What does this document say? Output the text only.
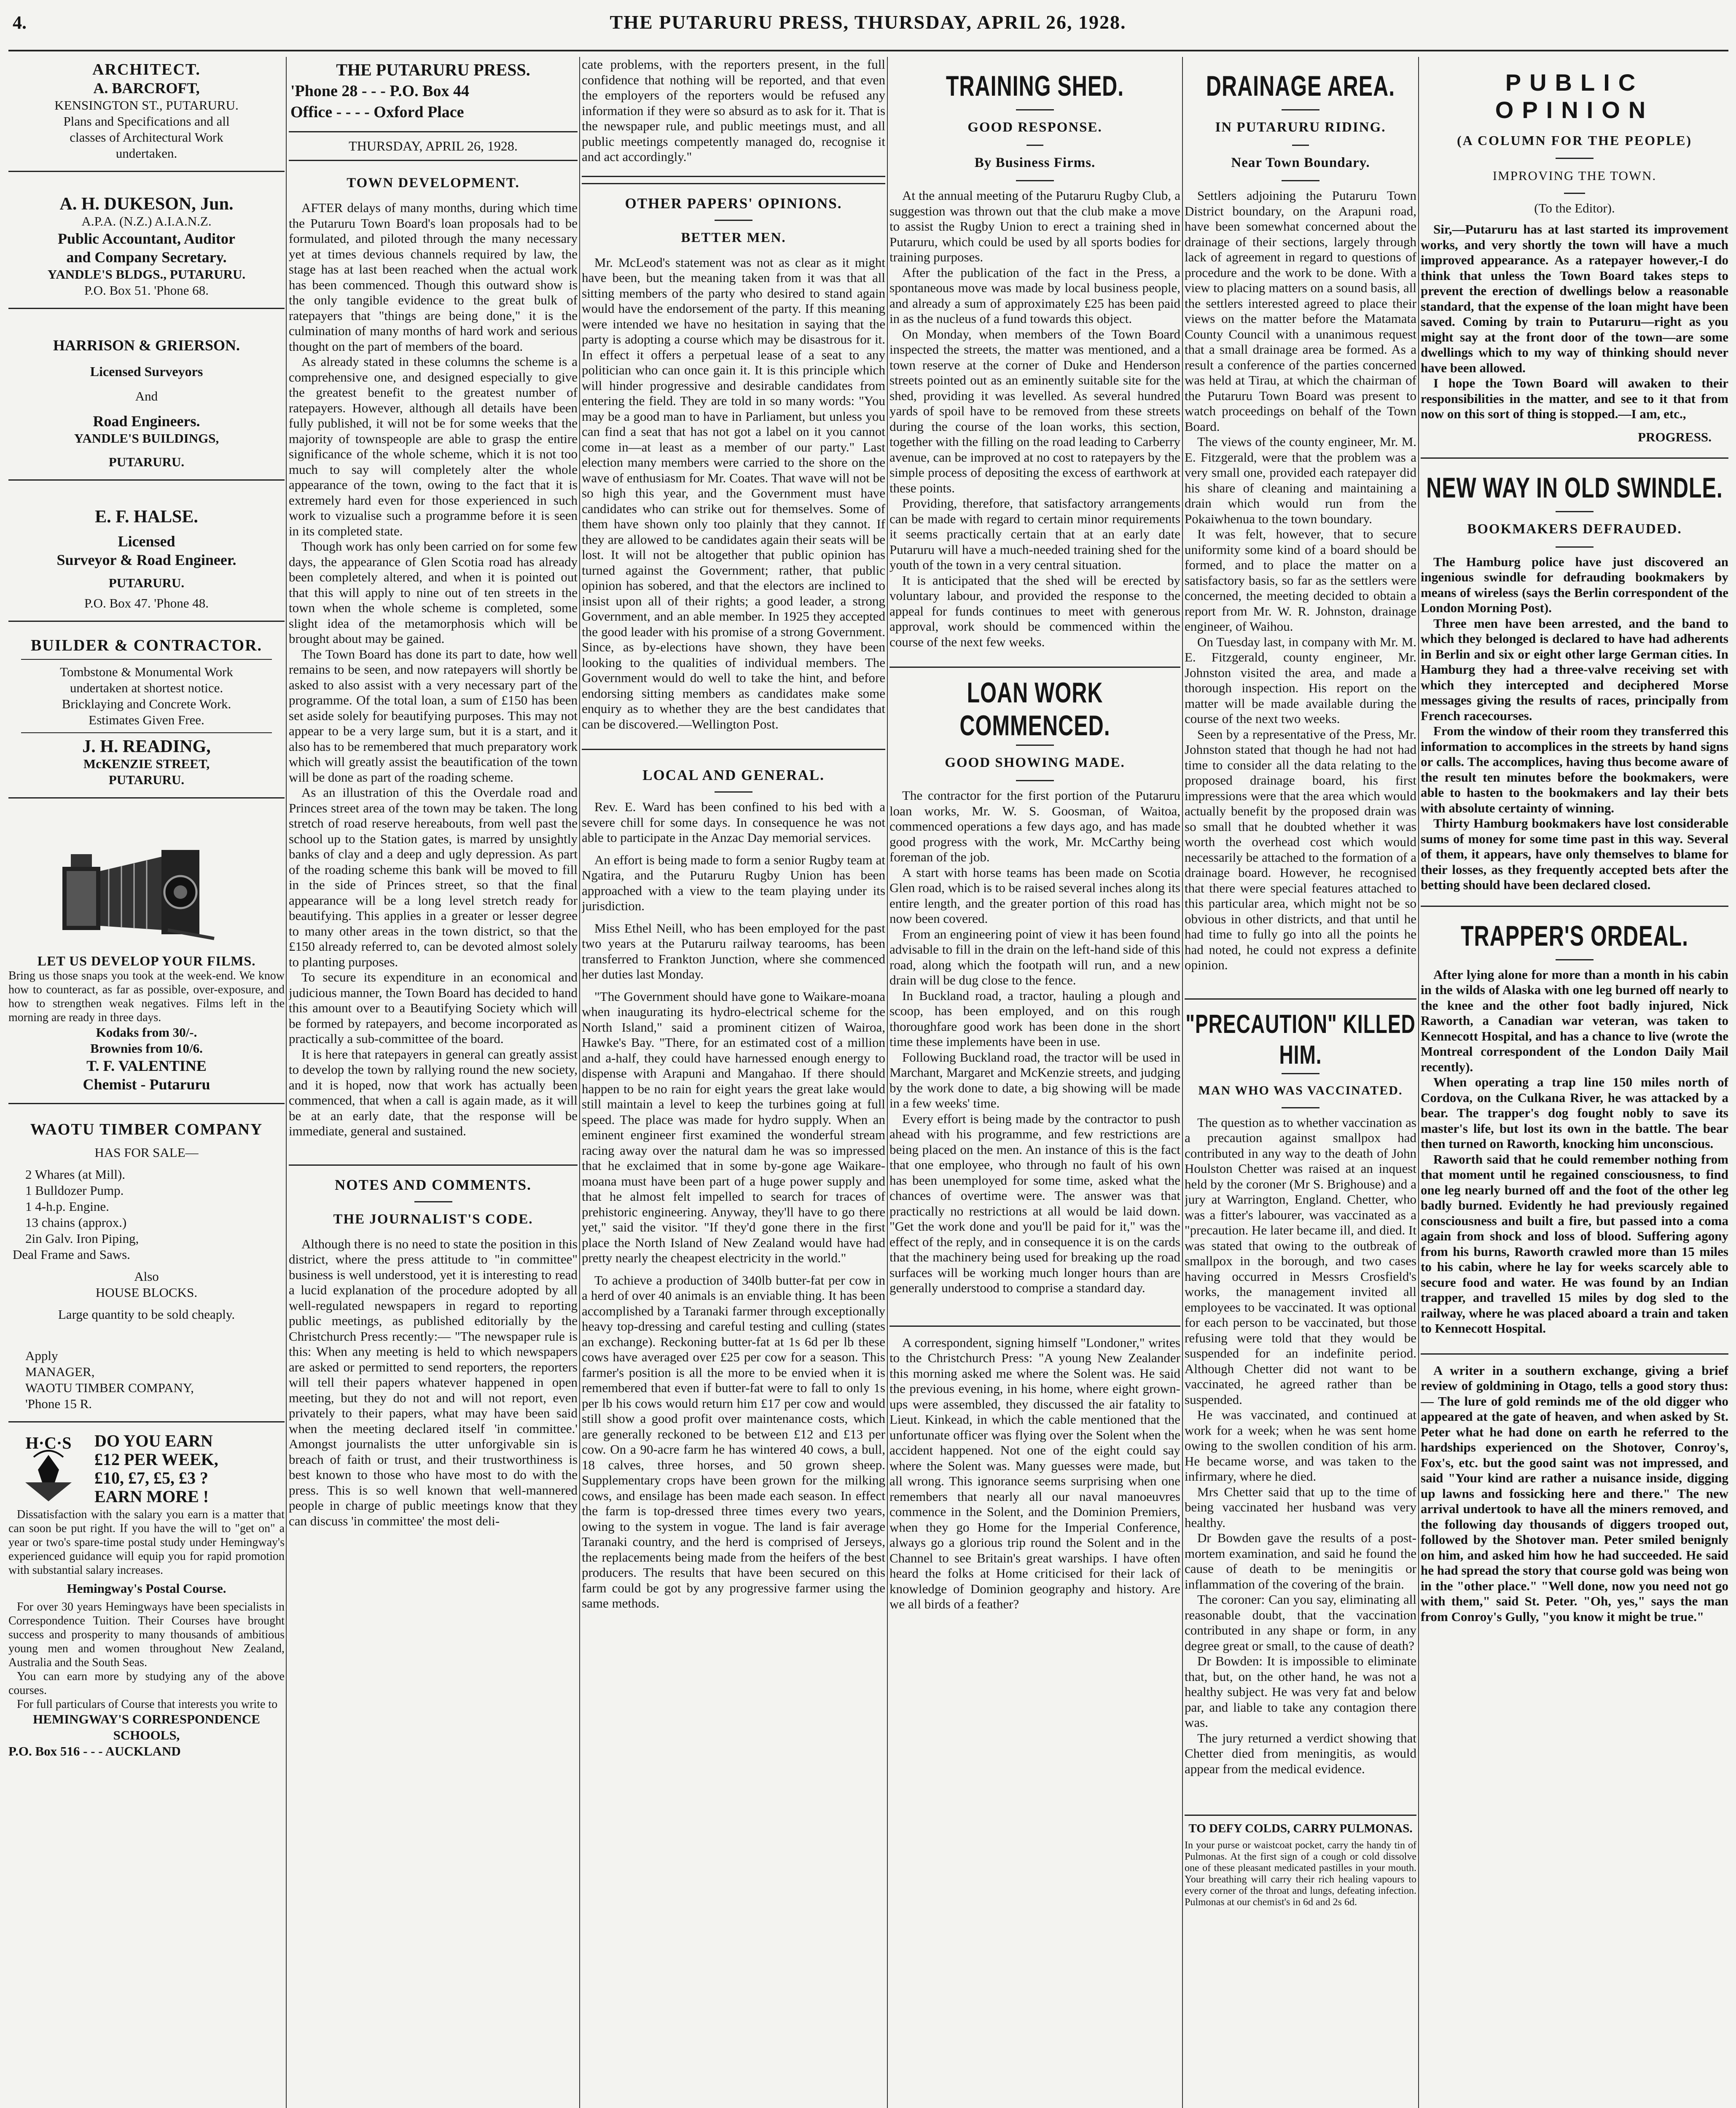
4.	THE PUTARURU PRESS, THURSDAY, APRIL 26, 1928.
ARCHITECT.
A. BARCROFT,
KENSINGTON ST., PUTARURU.
Plans and Specifications and all
classes of Architectural Work
undertaken.
A. H. DUKESON, Jun.
A.P.A. (N.Z.) A.I.A.N.Z.
Public Accountant, Auditor
and Company Secretary.
YANDLE'S BLDGS., PUTARURU.
P.O. Box 51. 'Phone 68.
HARRISON & GRIERSON.
Licensed Surveyors
And
Road Engineers.
YANDLE'S BUILDINGS,
PUTARURU.
E. F. HALSE.
Licensed
Surveyor & Road Engineer.
PUTARURU.
P.O. Box 47. 'Phone 48.
BUILDER & CONTRACTOR.
Tombstone & Monumental Work
undertaken at shortest notice.
Bricklaying and Concrete Work.
Estimates Given Free.
J. H. READING,
McKENZIE STREET,
PUTARURU.
LET US DEVELOP YOUR FILMS.

Bring us those snaps you took at the week-end. We know how to counteract, as far as possible, over-exposure, and how to strengthen weak negatives. Films left in the morning are ready in three days.

Kodaks from 30/-.
Brownies from 10/6.
T. F. VALENTINE
Chemist - Putaruru
WAOTU TIMBER COMPANY
HAS FOR SALE—
2 Whares (at Mill).
1 Bulldozer Pump.
1 4-h.p. Engine.
13 chains (approx.)
2in Galv. Iron Piping,
Deal Frame and Saws.
Also
HOUSE BLOCKS.
Large quantity to be sold cheaply.
Apply
MANAGER,
WAOTU TIMBER COMPANY,
'Phone 15 R.
H·C·S	DO YOU EARN
£12 PER WEEK,
£10, £7, £5, £3 ?
EARN MORE !

Dissatisfaction with the salary you earn is a matter that can soon be put right. If you have the will to "get on" a year or two's spare-time postal study under Hemingway's experienced guidance will equip you for rapid promotion with substantial salary increases.

Hemingway's Postal Course.

For over 30 years Hemingways have been specialists in Correspondence Tuition. Their Courses have brought success and prosperity to many thousands of ambitious young men and women throughout New Zealand, Australia and the South Seas.

You can earn more by studying any of the above courses.

For full particulars of Course that interests you write to

HEMINGWAY'S CORRESPONDENCE SCHOOLS,
P.O. Box 516 - - - AUCKLAND
THE PUTARURU PRESS.
'Phone 28 - - - P.O. Box 44
Office - - - - Oxford Place
THURSDAY, APRIL 26, 1928.
TOWN DEVELOPMENT.

AFTER delays of many months, during which time the Putaruru Town Board's loan proposals had to be formulated, and piloted through the many necessary yet at times devious channels required by law, the stage has at last been reached when the actual work has been commenced. Though this outward show is the only tangible evidence to the great bulk of ratepayers that "things are being done," it is the culmination of many months of hard work and serious thought on the part of members of the board.

As already stated in these columns the scheme is a comprehensive one, and designed especially to give the greatest benefit to the greatest number of ratepayers. However, although all details have been fully published, it will not be for some weeks that the majority of townspeople are able to grasp the entire significance of the whole scheme, which it is not too much to say will completely alter the whole appearance of the town, owing to the fact that it is extremely hard even for those experienced in such work to vizualise such a programme before it is seen in its completed state.

Though work has only been carried on for some few days, the appearance of Glen Scotia road has already been completely altered, and when it is pointed out that this will apply to nine out of ten streets in the town when the whole scheme is completed, some slight idea of the metamorphosis which will be brought about may be gained.

The Town Board has done its part to date, how well remains to be seen, and now ratepayers will shortly be asked to also assist with a very necessary part of the programme. Of the total loan, a sum of £150 has been set aside solely for beautifying purposes. This may not appear to be a very large sum, but it is a start, and it also has to be remembered that much preparatory work which will greatly assist the beautification of the town will be done as part of the roading scheme.

As an illustration of this the Overdale road and Princes street area of the town may be taken. The long stretch of road reserve hereabouts, from well past the school up to the Station gates, is marred by unsightly banks of clay and a deep and ugly depression. As part of the roading scheme this bank will be moved to fill in the side of Princes street, so that the final appearance will be a long level stretch ready for beautifying. This applies in a greater or lesser degree to many other areas in the town district, so that the £150 already referred to, can be devoted almost solely to planting purposes.

To secure its expenditure in an economical and judicious manner, the Town Board has decided to hand this amount over to a Beautifying Society which will be formed by ratepayers, and become incorporated as practically a sub-committee of the board.

It is here that ratepayers in general can greatly assist to develop the town by rallying round the new society, and it is hoped, now that work has actually been commenced, that when a call is again made, as it will be at an early date, that the response will be immediate, general and sustained.

NOTES AND COMMENTS.
THE JOURNALIST'S CODE.

Although there is no need to state the position in this district, where the press attitude to "in committee" business is well understood, yet it is interesting to read a lucid explanation of the procedure adopted by all well-regulated newspapers in regard to reporting public meetings, as published editorially by the Christchurch Press recently:— "The newspaper rule is this: When any meeting is held to which newspapers are asked or permitted to send reporters, the reporters will tell their papers whatever happened in open meeting, but they do not and will not report, even privately to their papers, what may have been said when the meeting declared itself 'in committee.' Amongst journalists the utter unforgivable sin is breach of faith or trust, and their trustworthiness is best known to those who have most to do with the press. This is so well known that well-mannered people in charge of public meetings know that they can discuss 'in committee' the most deli-

cate problems, with the reporters present, in the full confidence that nothing will be reported, and that even the employers of the reporters would be refused any information if they were so absurd as to ask for it. That is the newspaper rule, and public meetings must, and all public meetings competently managed do, recognise it and act accordingly."

OTHER PAPERS' OPINIONS.
BETTER MEN.

Mr. McLeod's statement was not as clear as it might have been, but the meaning taken from it was that all sitting members of the party who desired to stand again would have the endorsement of the party. If this meaning were intended we have no hesitation in saying that the party is adopting a course which may be disastrous for it. In effect it offers a perpetual lease of a seat to any politician who can once gain it. It is this principle which will hinder progressive and desirable candidates from entering the field. They are told in so many words: "You may be a good man to have in Parliament, but unless you can find a seat that has not got a label on it you cannot come in—at least as a member of our party." Last election many members were carried to the shore on the wave of enthusiasm for Mr. Coates. That wave will not be so high this year, and the Government must have candidates who can strike out for themselves. Some of them have shown only too plainly that they cannot. If they are allowed to be candidates again their seats will be lost. It will not be altogether that public opinion has turned against the Government; rather, that public opinion has sobered, and that the electors are inclined to insist upon all of their rights; a good leader, a strong Government, and an able member. In 1925 they accepted the good leader with his promise of a strong Government. Since, as by-elections have shown, they have been looking to the qualities of individual members. The Government would do well to take the hint, and before endorsing sitting members as candidates make some enquiry as to whether they are the best candidates that can be discovered.—Wellington Post.

LOCAL AND GENERAL.

Rev. E. Ward has been confined to his bed with a severe chill for some days. In consequence he was not able to participate in the Anzac Day memorial services.

An effort is being made to form a senior Rugby team at Ngatira, and the Putaruru Rugby Union has been approached with a view to the team playing under its jurisdiction.

Miss Ethel Neill, who has been employed for the past two years at the Putaruru railway tearooms, has been transferred to Frankton Junction, where she commenced her duties last Monday.

"The Government should have gone to Waikare-moana when inaugurating its hydro-electrical scheme for the North Island," said a prominent citizen of Wairoa, Hawke's Bay. "There, for an estimated cost of a million and a-half, they could have harnessed enough energy to dispense with Arapuni and Mangahao. If there should happen to be no rain for eight years the great lake would still maintain a level to keep the turbines going at full speed. The place was made for hydro supply. When an eminent engineer first examined the wonderful stream racing away over the natural dam he was so impressed that he exclaimed that in some by-gone age Waikare-moana must have been part of a huge power supply and that he almost felt impelled to search for traces of prehistoric engineering. Anyway, they'll have to go there yet," said the visitor. "If they'd gone there in the first place the North Island of New Zealand would have had pretty nearly the cheapest electricity in the world."

To achieve a production of 340lb butter-fat per cow in a herd of over 40 animals is an enviable thing. It has been accomplished by a Taranaki farmer through exceptionally heavy top-dressing and careful testing and culling (states an exchange). Reckoning butter-fat at 1s 6d per lb these cows have averaged over £25 per cow for a season. This farmer's position is all the more to be envied when it is remembered that even if butter-fat were to fall to only 1s per lb his cows would return him £17 per cow and would still show a good profit over maintenance costs, which are generally reckoned to be between £12 and £13 per cow. On a 90-acre farm he has wintered 40 cows, a bull, 18 calves, three horses, and 50 grown sheep. Supplementary crops have been grown for the milking cows, and ensilage has been made each season. In effect the farm is top-dressed three times every two years, owing to the system in vogue. The land is fair average Taranaki country, and the herd is comprised of Jerseys, the replacements being made from the heifers of the best producers. The results that have been secured on this farm could be got by any progressive farmer using the same methods.

TRAINING SHED.
GOOD RESPONSE.
By Business Firms.

At the annual meeting of the Putaruru Rugby Club, a suggestion was thrown out that the club make a move to assist the Rugby Union to erect a training shed in Putaruru, which could be used by all sports bodies for training purposes.

After the publication of the fact in the Press, a spontaneous move was made by local business people, and already a sum of approximately £25 has been paid in as the nucleus of a fund towards this object.

On Monday, when members of the Town Board inspected the streets, the matter was mentioned, and a town reserve at the corner of Duke and Henderson streets pointed out as an eminently suitable site for the shed, providing it was levelled. As several hundred yards of spoil have to be removed from these streets during the course of the loan works, this section, together with the filling on the road leading to Carberry avenue, can be improved at no cost to ratepayers by the simple process of depositing the excess of earthwork at these points.

Providing, therefore, that satisfactory arrangements can be made with regard to certain minor requirements it seems practically certain that at an early date Putaruru will have a much-needed training shed for the youth of the town in a very central situation.

It is anticipated that the shed will be erected by voluntary labour, and provided the response to the appeal for funds continues to meet with generous approval, work should be commenced within the course of the next few weeks.

LOAN WORK COMMENCED.
GOOD SHOWING MADE.

The contractor for the first portion of the Putaruru loan works, Mr. W. S. Goosman, of Waitoa, commenced operations a few days ago, and has made good progress with the work, Mr. McCarthy being foreman of the job.

A start with horse teams has been made on Scotia Glen road, which is to be raised several inches along its entire length, and the greater portion of this road has now been covered.

From an engineering point of view it has been found advisable to fill in the drain on the left-hand side of this road, along which the footpath will run, and a new drain will be dug close to the fence.

In Buckland road, a tractor, hauling a plough and scoop, has been employed, and on this rough thoroughfare good work has been done in the short time these implements have been in use.

Following Buckland road, the tractor will be used in Marchant, Margaret and McKenzie streets, and judging by the work done to date, a big showing will be made in a few weeks' time.

Every effort is being made by the contractor to push ahead with his programme, and few restrictions are being placed on the men. An instance of this is the fact that one employee, who through no fault of his own has been unemployed for some time, asked what the chances of overtime were. The answer was that practically no restrictions at all would be laid down. "Get the work done and you'll be paid for it," was the effect of the reply, and in consequence it is on the cards that the machinery being used for breaking up the road surfaces will be working much longer hours than are generally understood to comprise a standard day.

A correspondent, signing himself "Londoner," writes to the Christchurch Press: "A young New Zealander this morning asked me where the Solent was. He said the previous evening, in his home, where eight grown-ups were assembled, they discussed the air fatality to Lieut. Kinkead, in which the cable mentioned that the unfortunate officer was flying over the Solent when the accident happened. Not one of the eight could say where the Solent was. Many guesses were made, but all wrong. This ignorance seems surprising when one remembers that nearly all our naval manoeuvres commence in the Solent, and the Dominion Premiers, when they go Home for the Imperial Conference, always go a glorious trip round the Solent and in the Channel to see Britain's great warships. I have often heard the folks at Home criticised for their lack of knowledge of Dominion geography and history. Are we all birds of a feather?

DRAINAGE AREA.
IN PUTARURU RIDING.
Near Town Boundary.

Settlers adjoining the Putaruru Town District boundary, on the Arapuni road, have been somewhat concerned about the drainage of their sections, largely through lack of agreement in regard to questions of procedure and the work to be done. With a view to placing matters on a sound basis, all the settlers interested agreed to place their views on the matter before the Matamata County Council with a unanimous request that a small drainage area be formed. As a result a conference of the parties concerned was held at Tirau, at which the chairman of the Putaruru Town Board was present to watch proceedings on behalf of the Town Board.

The views of the county engineer, Mr. M. E. Fitzgerald, were that the problem was a very small one, provided each ratepayer did his share of cleaning and maintaining a drain which would run from the Pokaiwhenua to the town boundary.

It was felt, however, that to secure uniformity some kind of a board should be formed, and to place the matter on a satisfactory basis, so far as the settlers were concerned, the meeting decided to obtain a report from Mr. W. R. Johnston, drainage engineer, of Waihou.

On Tuesday last, in company with Mr. M. E. Fitzgerald, county engineer, Mr. Johnston visited the area, and made a thorough inspection. His report on the matter will be made available during the course of the next two weeks.

Seen by a representative of the Press, Mr. Johnston stated that though he had not had time to consider all the data relating to the proposed drainage board, his first impressions were that the area which would actually benefit by the proposed drain was so small that he doubted whether it was worth the overhead cost which would necessarily be attached to the formation of a drainage board. However, he recognised that there were special features attached to this particular area, which might not be so obvious in other districts, and that until he had time to fully go into all the points he had noted, he could not express a definite opinion.

"PRECAUTION" KILLED HIM.
MAN WHO WAS VACCINATED.

The question as to whether vaccination as a precaution against smallpox had contributed in any way to the death of John Houlston Chetter was raised at an inquest held by the coroner (Mr S. Brighouse) and a jury at Warrington, England. Chetter, who was a fitter's labourer, was vaccinated as a "precaution. He later became ill, and died. It was stated that owing to the outbreak of smallpox in the borough, and two cases having occurred in Messrs Crosfield's works, the management invited all employees to be vaccinated. It was optional for each person to be vaccinated, but those refusing were told that they would be suspended for an indefinite period. Although Chetter did not want to be vaccinated, he agreed rather than be suspended.

He was vaccinated, and continued at work for a week; when he was sent home owing to the swollen condition of his arm. He became worse, and was taken to the infirmary, where he died.

Mrs Chetter said that up to the time of being vaccinated her husband was very healthy.

Dr Bowden gave the results of a post-mortem examination, and said he found the cause of death to be meningitis or inflammation of the covering of the brain.

The coroner: Can you say, eliminating all reasonable doubt, that the vaccination contributed in any shape or form, in any degree great or small, to the cause of death?

Dr Bowden: It is impossible to eliminate that, but, on the other hand, he was not a healthy subject. He was very fat and below par, and liable to take any contagion there was.

The jury returned a verdict showing that Chetter died from meningitis, as would appear from the medical evidence.

TO DEFY COLDS, CARRY PULMONAS.

In your purse or waistcoat pocket, carry the handy tin of Pulmonas. At the first sign of a cough or cold dissolve one of these pleasant medicated pastilles in your mouth. Your breathing will carry their rich healing vapours to every corner of the throat and lungs, defeating infection. Pulmonas at our chemist's in 6d and 2s 6d.

PUBLIC OPINION
(A COLUMN FOR THE PEOPLE)
IMPROVING THE TOWN.
(To the Editor).

Sir,—Putaruru has at last started its improvement works, and very shortly the town will have a much improved appearance. As a ratepayer however,-I do think that unless the Town Board takes steps to prevent the erection of dwellings below a reasonable standard, that the expense of the loan might have been saved. Coming by train to Putaruru—right as you might say at the front door of the town—are some dwellings which to my way of thinking should never have been allowed.

I hope the Town Board will awaken to their responsibilities in the matter, and see to it that from now on this sort of thing is stopped.—I am, etc.,

PROGRESS.
NEW WAY IN OLD SWINDLE.
BOOKMAKERS DEFRAUDED.

The Hamburg police have just discovered an ingenious swindle for defrauding bookmakers by means of wireless (says the Berlin correspondent of the London Morning Post).

Three men have been arrested, and the band to which they belonged is declared to have had adherents in Berlin and six or eight other large German cities. In Hamburg they had a three-valve receiving set with which they intercepted and deciphered Morse messages giving the results of races, principally from French racecourses.

From the window of their room they transferred this information to accomplices in the streets by hand signs or calls. The accomplices, having thus become aware of the result ten minutes before the bookmakers, were able to hasten to the bookmakers and lay their bets with absolute certainty of winning.

Thirty Hamburg bookmakers have lost considerable sums of money for some time past in this way. Several of them, it appears, have only themselves to blame for their losses, as they frequently accepted bets after the betting should have been declared closed.

TRAPPER'S ORDEAL.

After lying alone for more than a month in his cabin in the wilds of Alaska with one leg burned off nearly to the knee and the other foot badly injured, Nick Raworth, a Canadian war veteran, was taken to Kennecott Hospital, and has a chance to live (wrote the Montreal correspondent of the London Daily Mail recently).

When operating a trap line 150 miles north of Cordova, on the Culkana River, he was attacked by a bear. The trapper's dog fought nobly to save its master's life, but lost its own in the battle. The bear then turned on Raworth, knocking him unconscious.

Raworth said that he could remember nothing from that moment until he regained consciousness, to find one leg nearly burned off and the foot of the other leg badly burned. Evidently he had previously regained consciousness and built a fire, but passed into a coma again from shock and loss of blood. Suffering agony from his burns, Raworth crawled more than 15 miles to his cabin, where he lay for weeks scarcely able to secure food and water. He was found by an Indian trapper, and travelled 15 miles by dog sled to the railway, where he was placed aboard a train and taken to Kennecott Hospital.

A writer in a southern exchange, giving a brief review of goldmining in Otago, tells a good story thus:— The lure of gold reminds me of the old digger who appeared at the gate of heaven, and when asked by St. Peter what he had done on earth he referred to the hardships experienced on the Shotover, Conroy's, Fox's, etc. but the good saint was not impressed, and said "Your kind are rather a nuisance inside, digging up lawns and fossicking here and there." The new arrival undertook to have all the miners removed, and the following day thousands of diggers trooped out, followed by the Shotover man. Peter smiled benignly on him, and asked him how he had succeeded. He said he had spread the story that course gold was being won in the "other place." "Well done, now you need not go with them," said St. Peter. "Oh, yes," says the man from Conroy's Gully, "you know it might be true."
